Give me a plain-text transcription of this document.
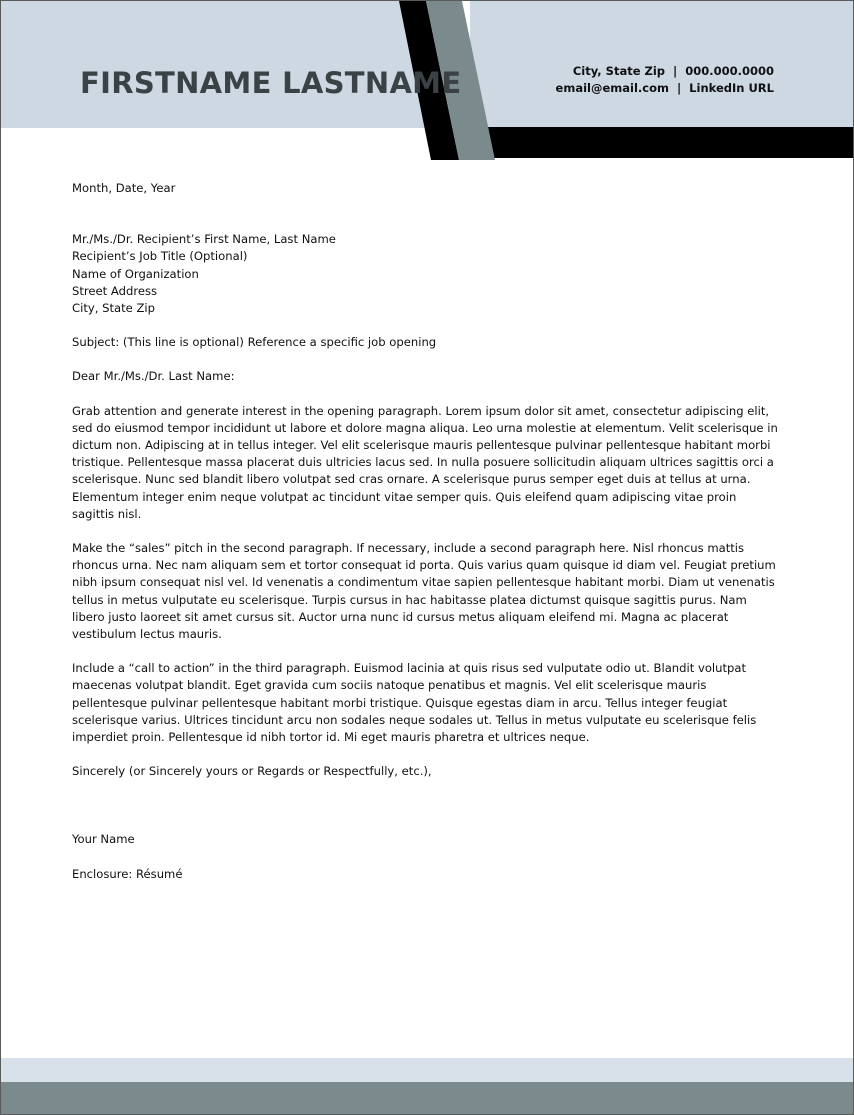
FIRSTNAME LASTNAME	City, State Zip  |  000.000.0000
email@email.com  |  LinkedIn URL

Month, Date, Year

Mr./Ms./Dr. Recipient’s First Name, Last Name

Recipient’s Job Title (Optional)

Name of Organization

Street Address

City, State Zip

Subject: (This line is optional) Reference a specific job opening

Dear Mr./Ms./Dr. Last Name:

Grab attention and generate interest in the opening paragraph. Lorem ipsum dolor sit amet, consectetur adipiscing elit, sed do eiusmod tempor incididunt ut labore et dolore magna aliqua. Leo urna molestie at elementum. Velit scelerisque in dictum non. Adipiscing at in tellus integer. Vel elit scelerisque mauris pellentesque pulvinar pellentesque habitant morbi tristique. Pellentesque massa placerat duis ultricies lacus sed. In nulla posuere sollicitudin aliquam ultrices sagittis orci a scelerisque. Nunc sed blandit libero volutpat sed cras ornare. A scelerisque purus semper eget duis at tellus at urna. Elementum integer enim neque volutpat ac tincidunt vitae semper quis. Quis eleifend quam adipiscing vitae proin sagittis nisl.

Make the “sales” pitch in the second paragraph. If necessary, include a second paragraph here. Nisl rhoncus mattis rhoncus urna. Nec nam aliquam sem et tortor consequat id porta. Quis varius quam quisque id diam vel. Feugiat pretium nibh ipsum consequat nisl vel. Id venenatis a condimentum vitae sapien pellentesque habitant morbi. Diam ut venenatis tellus in metus vulputate eu scelerisque. Turpis cursus in hac habitasse platea dictumst quisque sagittis purus. Nam libero justo laoreet sit amet cursus sit. Auctor urna nunc id cursus metus aliquam eleifend mi. Magna ac placerat vestibulum lectus mauris.

Include a “call to action” in the third paragraph. Euismod lacinia at quis risus sed vulputate odio ut. Blandit volutpat maecenas volutpat blandit. Eget gravida cum sociis natoque penatibus et magnis. Vel elit scelerisque mauris pellentesque pulvinar pellentesque habitant morbi tristique. Quisque egestas diam in arcu. Tellus integer feugiat scelerisque varius. Ultrices tincidunt arcu non sodales neque sodales ut. Tellus in metus vulputate eu scelerisque felis imperdiet proin. Pellentesque id nibh tortor id. Mi eget mauris pharetra et ultrices neque.

Sincerely (or Sincerely yours or Regards or Respectfully, etc.),

Your Name

Enclosure: Résumé
